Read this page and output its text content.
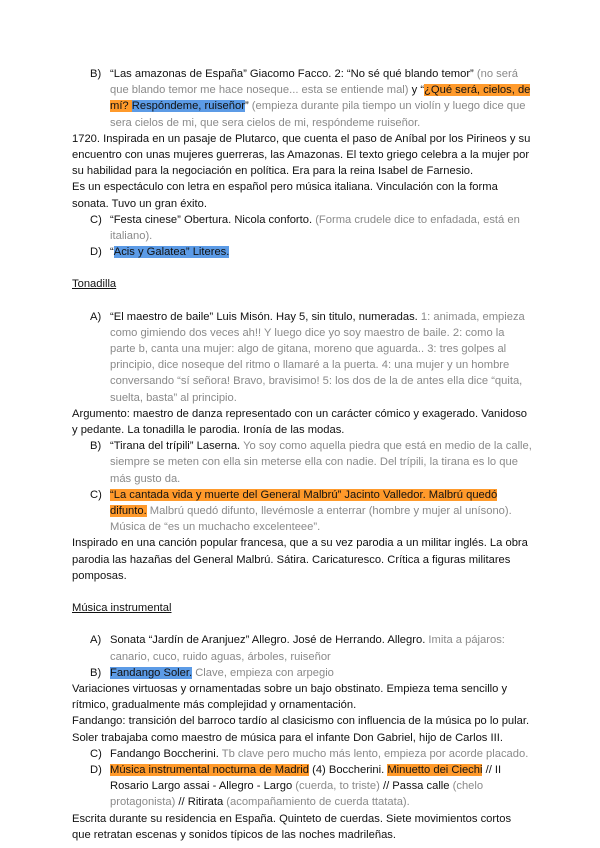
B) “Las amazonas de España” Giacomo Facco. 2: “No sé qué blando temor” (no será que blando temor me hace noseque... esta se entiende mal) y “¿Qué será, cielos, de mí? Respóndeme, ruiseñor” (empieza durante pila tiempo un violín y luego dice que sera cielos de mi, que sera cielos de mi, respóndeme ruiseñor.

1720. Inspirada en un pasaje de Plutarco, que cuenta el paso de Aníbal por los Pirineos y su encuentro con unas mujeres guerreras, las Amazonas. El texto griego celebra a la mujer por su habilidad para la negociación en política. Era para la reina Isabel de Farnesio.

Es un espectáculo con letra en español pero música italiana. Vinculación con la forma sonata. Tuvo un gran éxito.

C) “Festa cinese” Obertura. Nicola conforto. (Forma crudele dice to enfadada, está en italiano).

D) “Acis y Galatea” Literes.

Tonadilla

A) “El maestro de baile” Luis Misón. Hay 5, sin titulo, numeradas. 1: animada, empieza como gimiendo dos veces ah!! Y luego dice yo soy maestro de baile. 2: como la parte b, canta una mujer: algo de gitana, moreno que aguarda.. 3: tres golpes al principio, dice noseque del ritmo o llamaré a la puerta. 4: una mujer y un hombre conversando “sí señora! Bravo, bravisimo! 5: los dos de la de antes ella dice “quita, suelta, basta” al principio.

Argumento: maestro de danza representado con un carácter cómico y exagerado. Vanidoso y pedante. La tonadilla le parodia. Ironía de las modas.

B) “Tirana del trípili” Laserna. Yo soy como aquella piedra que está en medio de la calle, siempre se meten con ella sin meterse ella con nadie. Del trípili, la tirana es lo que más gusto da.

C) “La cantada vida y muerte del General Malbrú” Jacinto Valledor. Malbrú quedó difunto. Malbrú quedó difunto, llevémosle a enterrar (hombre y mujer al unísono). Música de “es un muchacho excelenteee”.

Inspirado en una canción popular francesa, que a su vez parodia a un militar inglés. La obra parodia las hazañas del General Malbrú. Sátira. Caricaturesco. Crítica a figuras militares pomposas.

Música instrumental

A) Sonata “Jardín de Aranjuez” Allegro. José de Herrando. Allegro. Imita a pájaros: canario, cuco, ruido aguas, árboles, ruiseñor

B) Fandango Soler. Clave, empieza con arpegio

Variaciones virtuosas y ornamentadas sobre un bajo obstinato. Empieza tema sencillo y rítmico, gradualmente más complejidad y ornamentación.

Fandango: transición del barroco tardío al clasicismo con influencia de la música po lo pular. Soler trabajaba como maestro de música para el infante Don Gabriel, hijo de Carlos III.

C) Fandango Boccherini. Tb clave pero mucho más lento, empieza por acorde placado.

D) Música instrumental nocturna de Madrid (4) Boccherini. Minuetto dei Ciechi // II Rosario Largo assai - Allegro - Largo (cuerda, to triste) // Passa calle (chelo protagonista) // Ritirata (acompañamiento de cuerda ttatata).

Escrita durante su residencia en España. Quinteto de cuerdas. Siete movimientos cortos que retratan escenas y sonidos típicos de las noches madrileñas.
